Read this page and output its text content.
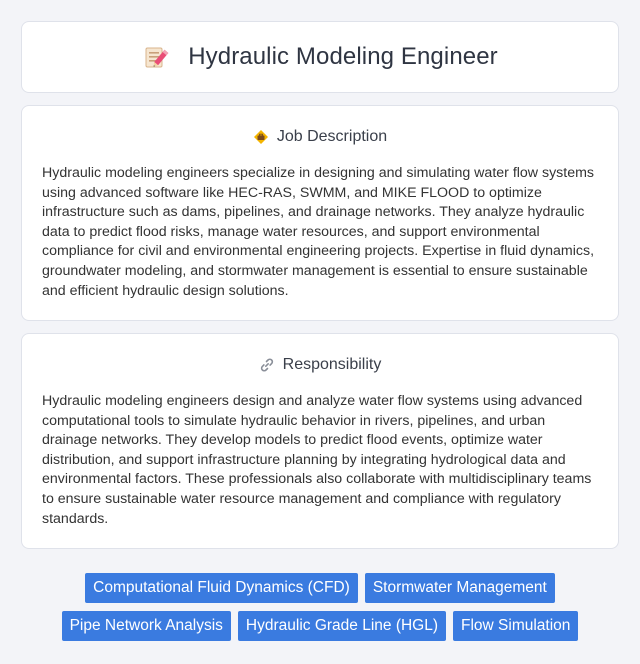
Hydraulic Modeling Engineer
Job Description

Hydraulic modeling engineers specialize in designing and simulating water flow systems using advanced software like HEC-RAS, SWMM, and MIKE FLOOD to optimize infrastructure such as dams, pipelines, and drainage networks. They analyze hydraulic data to predict flood risks, manage water resources, and support environmental compliance for civil and environmental engineering projects. Expertise in fluid dynamics, groundwater modeling, and stormwater management is essential to ensure sustainable and efficient hydraulic design solutions.

Responsibility

Hydraulic modeling engineers design and analyze water flow systems using advanced computational tools to simulate hydraulic behavior in rivers, pipelines, and urban drainage networks. They develop models to predict flood events, optimize water distribution, and support infrastructure planning by integrating hydrological data and environmental factors. These professionals also collaborate with multidisciplinary teams to ensure sustainable water resource management and compliance with regulatory standards.

Computational Fluid Dynamics (CFD)	Stormwater Management
Pipe Network Analysis	Hydraulic Grade Line (HGL)	Flow Simulation
